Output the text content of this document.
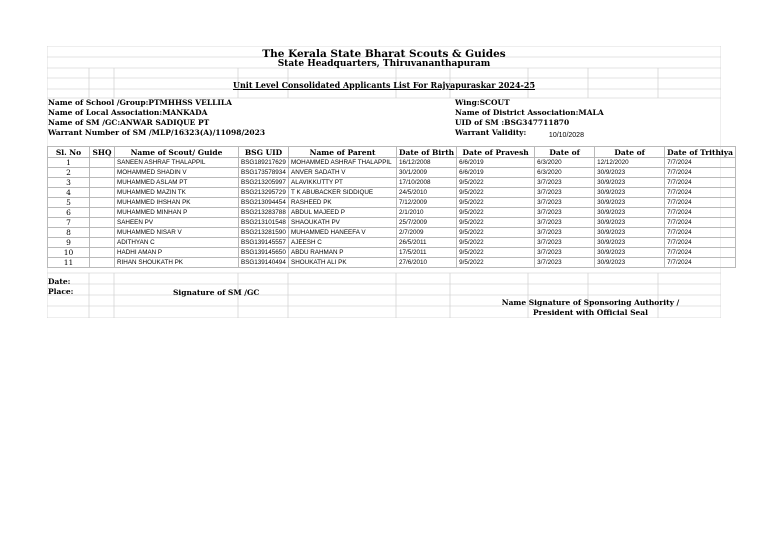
The Kerala State Bharat Scouts & Guides
State Headquarters, Thiruvananthapuram
Unit Level Consolidated Applicants List For Rajyapuraskar 2024-25
Name of School /Group:PTMHHSS VELLILA
Name of Local Association:MANKADA
Name of SM /GC:ANWAR SADIQUE PT
Warrant Number of SM /MLP/16323(A)/11098/2023
Wing:SCOUT
Name of District Association:MALA
UID of SM :BSG347711870
Warrant Validity:	10/10/2028
Sl. No	SHQ	Name of Scout/ Guide	BSG UID	Name of Parent	Date of Birth	Date of Pravesh	Date of	Date of	Date of Trithiya
1		SANEEN ASHRAF THALAPPIL	BSG189217629	MOHAMMED ASHRAF THALAPPIL	16/12/2008	6/6/2019	6/3/2020	12/12/2020	7/7/2024
2		MOHAMMED SHADIN V	BSG173578934	ANVER SADATH V	30/1/2009	6/6/2019	6/3/2020	30/9/2023	7/7/2024
3		MUHAMMED ASLAM PT	BSG213205997	ALAVIKKUTTY PT	17/10/2008	9/5/2022	3/7/2023	30/9/2023	7/7/2024
4		MUHAMMED MAZIN TK	BSG213295729	T K ABUBACKER SIDDIQUE	24/5/2010	9/5/2022	3/7/2023	30/9/2023	7/7/2024
5		MUHAMMED IHSHAN PK	BSG213094454	RASHEED PK	7/12/2009	9/5/2022	3/7/2023	30/9/2023	7/7/2024
6		MUHAMMED MINHAN P	BSG213283788	ABDUL MAJEED P	2/1/2010	9/5/2022	3/7/2023	30/9/2023	7/7/2024
7		SAHEEN PV	BSG213101548	SHAOUKATH PV	25/7/2009	9/5/2022	3/7/2023	30/9/2023	7/7/2024
8		MUHAMMED NISAR V	BSG213281590	MUHAMMED HANEEFA V	2/7/2009	9/5/2022	3/7/2023	30/9/2023	7/7/2024
9		ADITHYAN C	BSG139145557	AJEESH C	26/5/2011	9/5/2022	3/7/2023	30/9/2023	7/7/2024
10		HADHI AMAN P	BSG139145650	ABDU RAHMAN P	17/5/2011	9/5/2022	3/7/2023	30/9/2023	7/7/2024
11		RIHAN SHOUKATH PK	BSG139140494	SHOUKATH ALI PK	27/6/2010	9/5/2022	3/7/2023	30/9/2023	7/7/2024
Date:
Place:	Signature of SM /GC
Name Signature of Sponsoring Authority /
President with Official Seal
